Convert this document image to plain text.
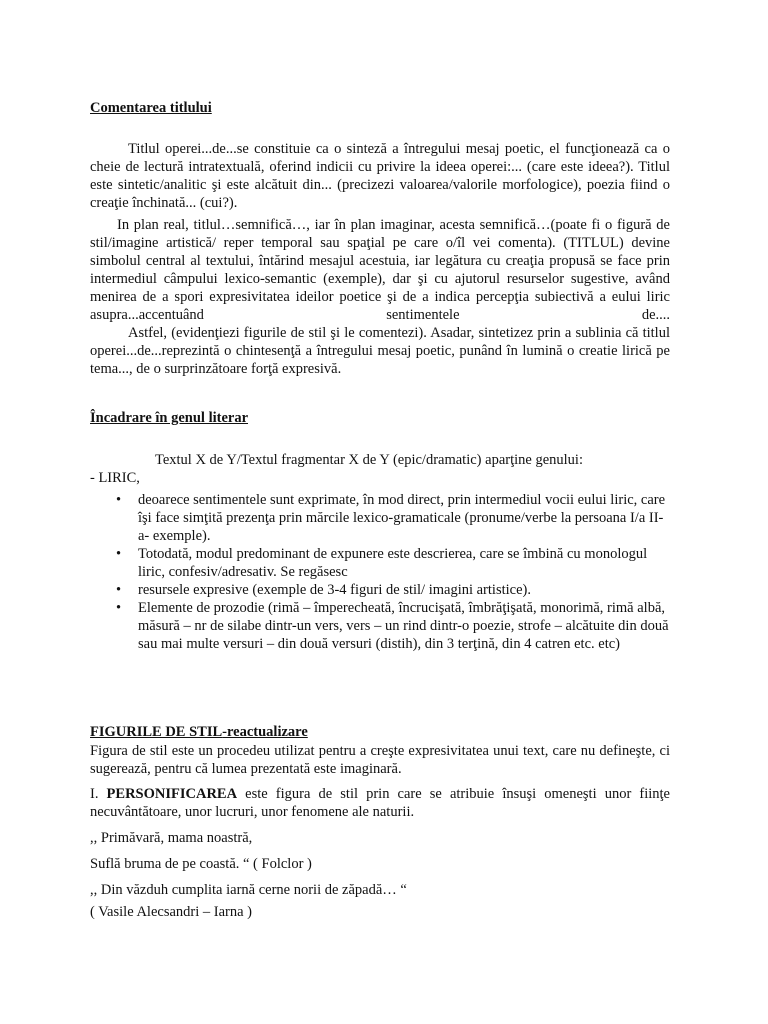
Comentarea titlului

Titlul operei...de...se constituie ca o sinteză a întregului mesaj poetic, el funcţionează ca o cheie de lectură intratextuală, oferind indicii cu privire la ideea operei:... (care este ideea?). Titlul este sintetic/analitic şi este alcătuit din... (precizezi valoarea/valorile morfologice), poezia fiind o creaţie închinată... (cui?).

In plan real, titlul…semnifică…, iar în plan imaginar, acesta semnifică…(poate fi o figură de stil/imagine artistică/ reper temporal sau spaţial pe care o/îl vei comenta). (TITLUL) devine simbolul central al textului, întărind mesajul acestuia, iar legătura cu creaţia propusă se face prin intermediul câmpului lexico-semantic (exemple), dar şi cu ajutorul resurselor sugestive, având menirea de a spori expresivitatea ideilor poetice şi de a indica percepţia subiectivă a eului liric asupra...accentuând sentimentele de....

Astfel, (evidenţiezi figurile de stil şi le comentezi). Asadar, sintetizez prin a sublinia că titlul operei...de...reprezintă o chintesenţă a întregului mesaj poetic, punând în lumină o creatie lirică pe tema..., de o surprinzătoare forţă expresivă.

Încadrare în genul literar
Textul X de Y/Textul fragmentar X de Y (epic/dramatic) aparţine genului:
- LIRIC,
• deoarece sentimentele sunt exprimate, în mod direct, prin intermediul vocii eului liric, care îşi face simţită prezenţa prin mărcile lexico-gramaticale (pronume/verbe la persoana I/a II-a- exemple).
• Totodată, modul predominant de expunere este descrierea, care se îmbină cu monologul liric, confesiv/adresativ. Se regăsesc
• resursele expresive (exemple de 3-4 figuri de stil/ imagini artistice).
• Elemente de prozodie (rimă – împerecheată, încrucişată, îmbrăţişată, monorimă, rimă albă, măsură – nr de silabe dintr-un vers, vers – un rind dintr-o poezie, strofe – alcătuite din două sau mai multe versuri – din două versuri (distih), din 3 terţină, din 4 catren etc. etc)
FIGURILE DE STIL-reactualizare

Figura de stil este un procedeu utilizat pentru a creşte expresivitatea unui text, care nu defineşte, ci sugerează, pentru că lumea prezentată este imaginară.

I. PERSONIFICAREA este figura de stil prin care se atribuie însuşi omeneşti unor fiinţe necuvântătoare, unor lucruri, unor fenomene ale naturii.

,, Primăvară, mama noastră,
Suflă bruma de pe coastă. “ ( Folclor )
,, Din văzduh cumplita iarnă cerne norii de zăpadă… “
( Vasile Alecsandri – Iarna )
